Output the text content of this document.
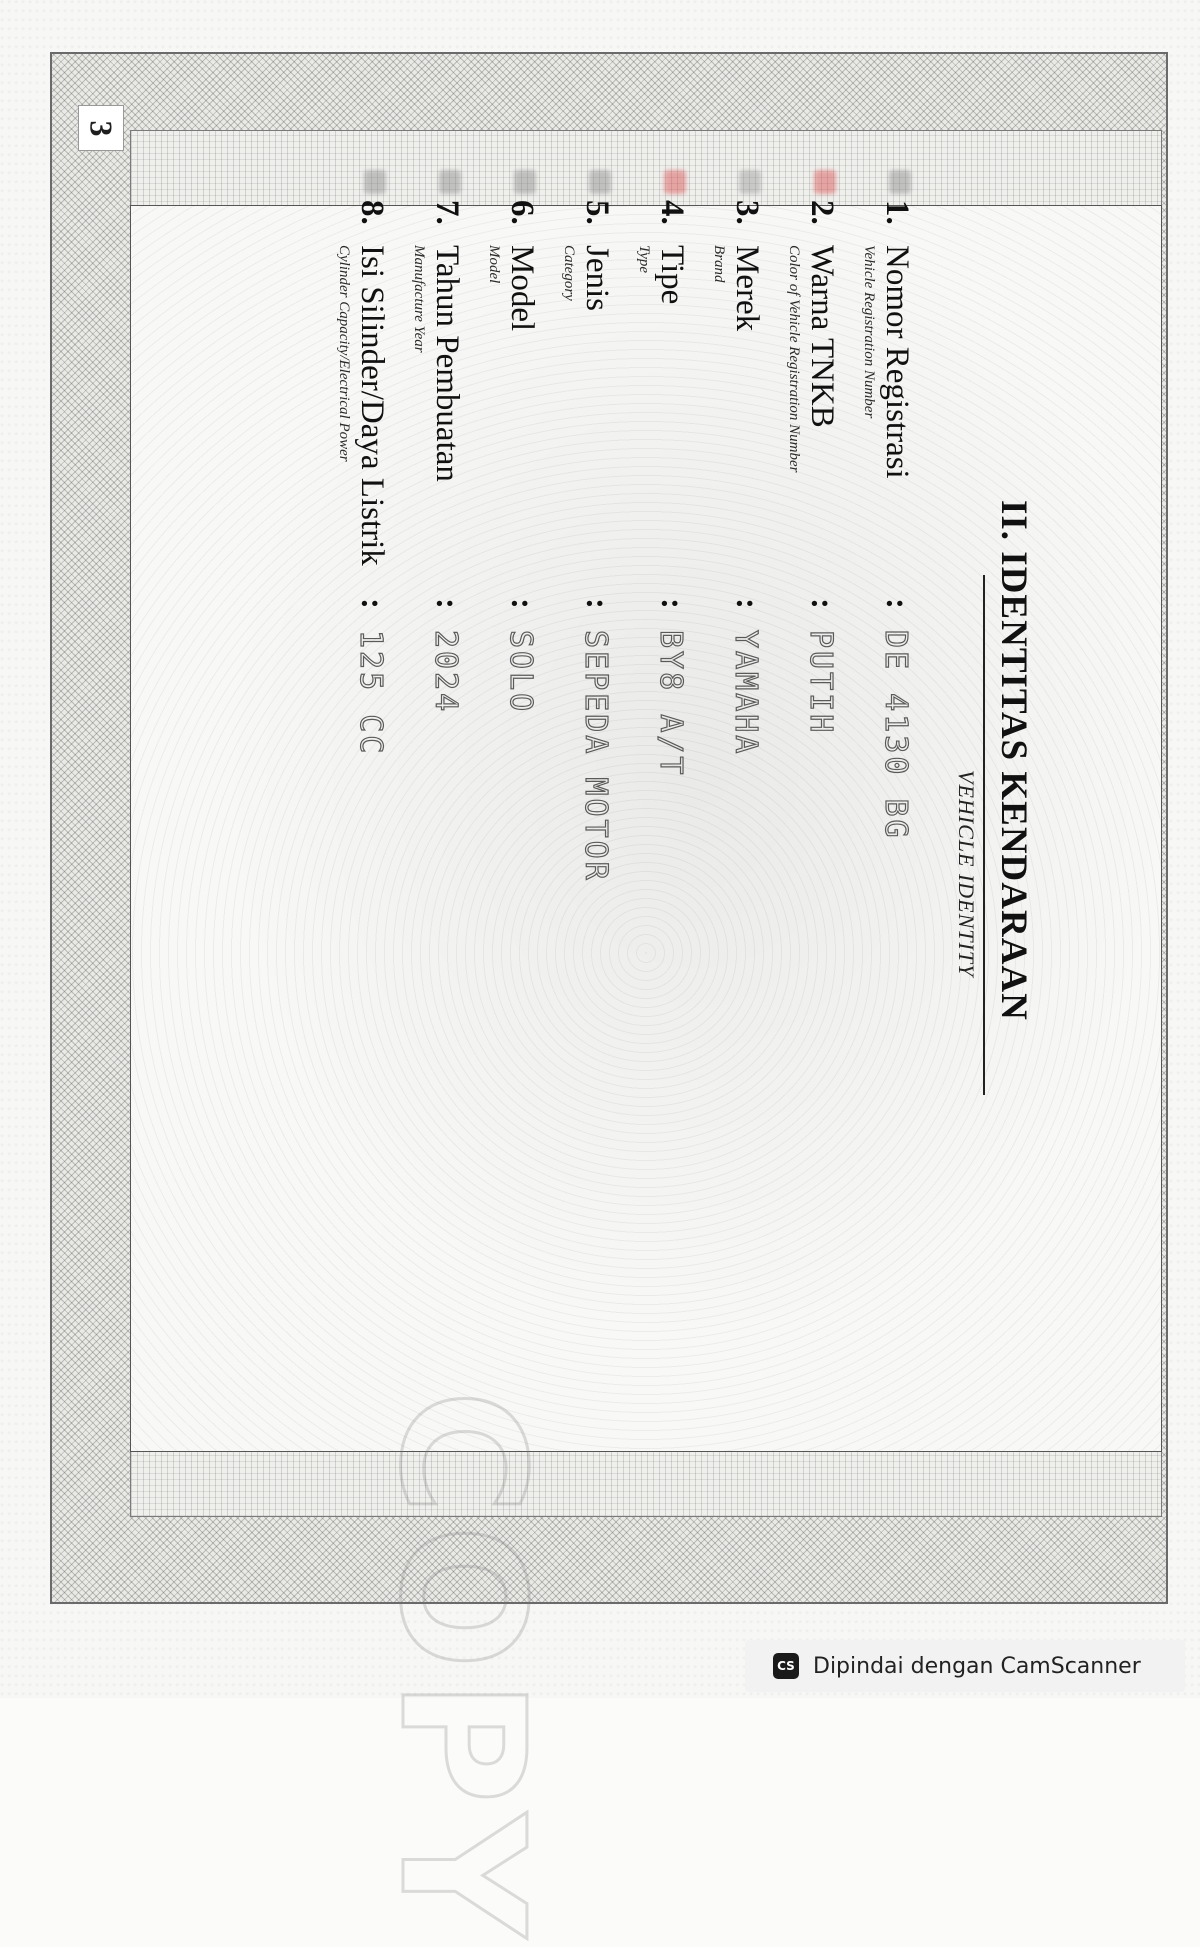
COPY
3
II. IDENTITAS KENDARAAN
VEHICLE IDENTITY
1.
Nomor Registrasi
Vehicle Registration Number
:
DE 4130 BG
2.
Warna TNKB
Color of Vehicle Registration Number
:
PUTIH
3.
Merek
Brand
:
YAMAHA
4.
Tipe
Type
:
BY8 A/T
5.
Jenis
Category
:
SEPEDA MOTOR
6.
Model
Model
:
SOLO
7.
Tahun Pembuatan
Manufacture Year
:
2024
8.
Isi Silinder/Daya Listrik
Cylinder Capacity/Electrical Power
:
125 CC
CS Dipindai dengan CamScanner
